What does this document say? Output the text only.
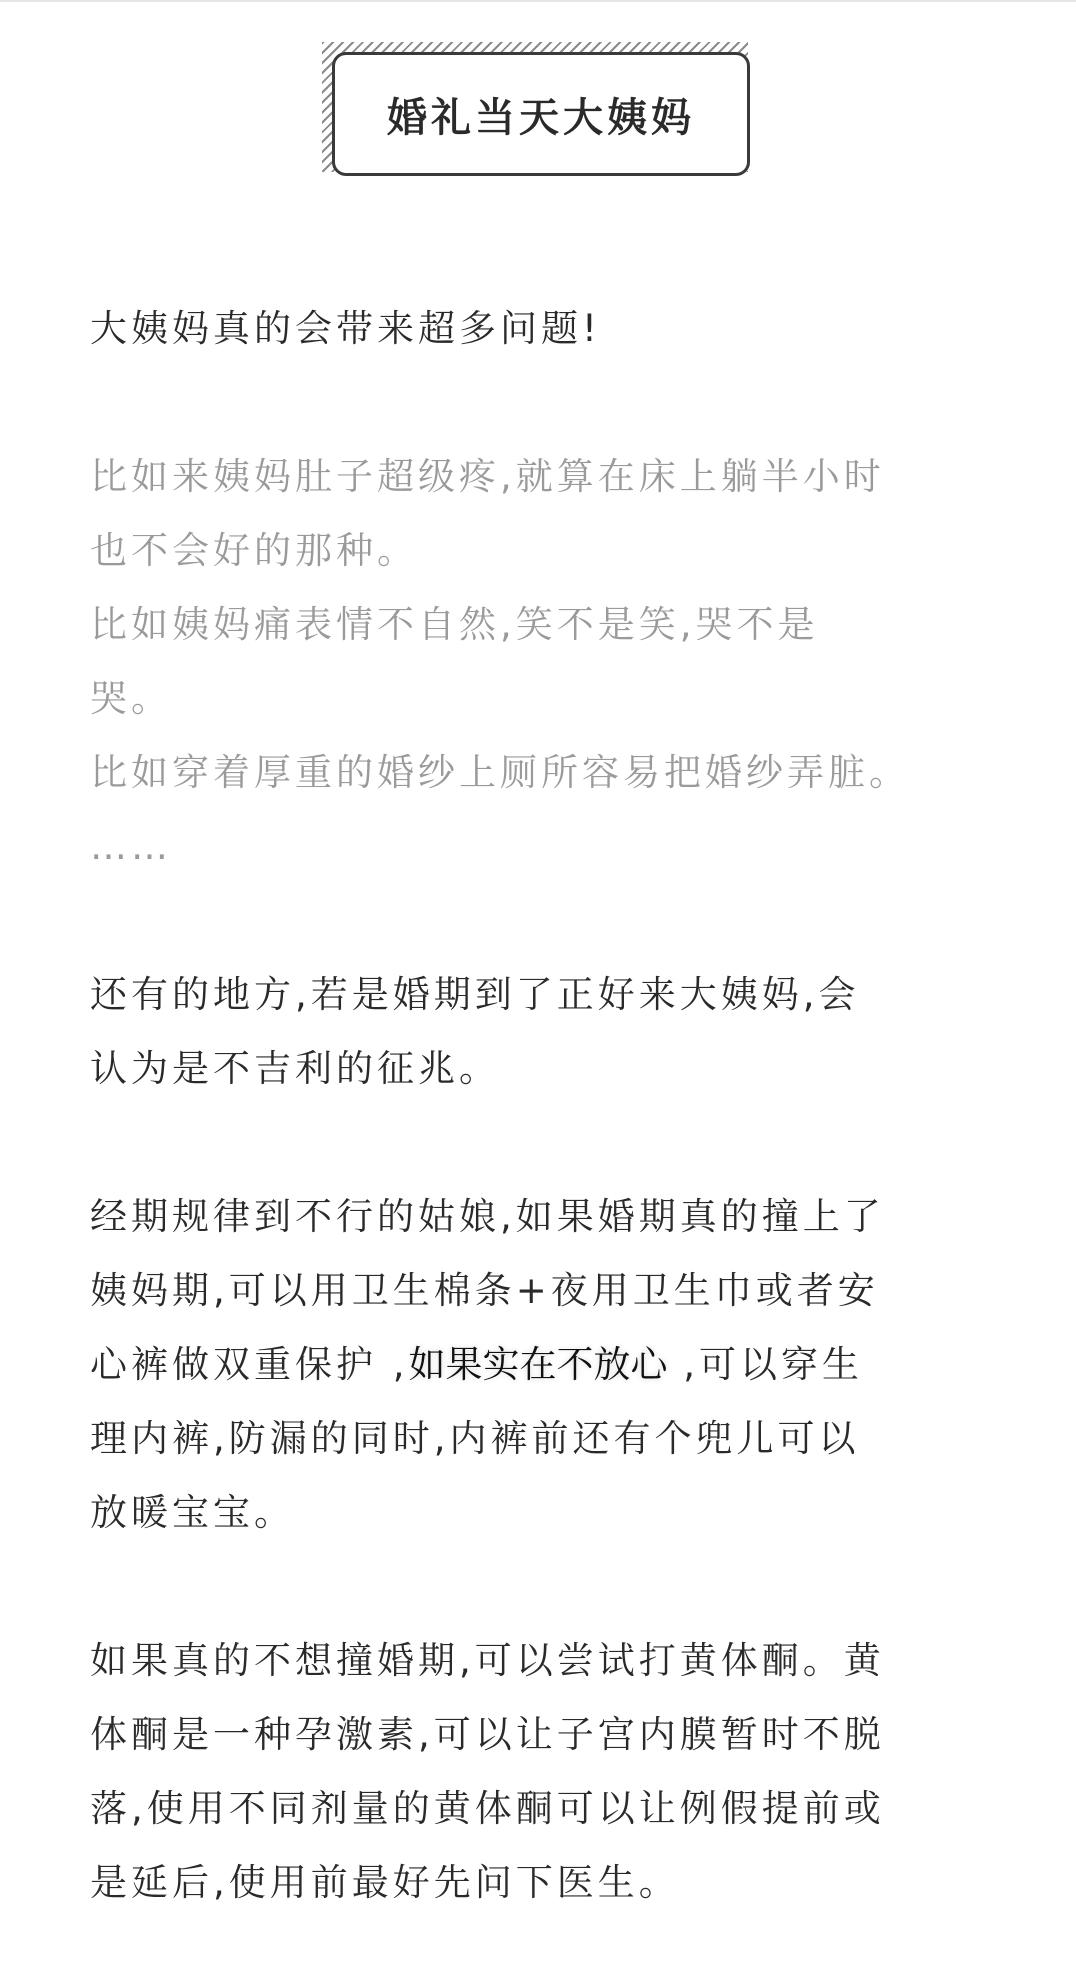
婚礼当天大姨妈

大姨妈真的会带来超多问题!

比如来姨妈肚子超级疼,就算在床上躺半小时

也不会好的那种。

比如姨妈痛表情不自然,笑不是笑,哭不是

哭。

比如穿着厚重的婚纱上厕所容易把婚纱弄脏。

……

还有的地方,若是婚期到了正好来大姨妈,会

认为是不吉利的征兆。

经期规律到不行的姑娘,如果婚期真的撞上了

姨妈期,可以用卫生棉条+夜用卫生巾或者安

心裤做双重保护 ,如果实在不放心 ,可以穿生

理内裤,防漏的同时,内裤前还有个兜儿可以

放暖宝宝。

如果真的不想撞婚期,可以尝试打黄体酮。黄

体酮是一种孕激素,可以让子宫内膜暂时不脱

落,使用不同剂量的黄体酮可以让例假提前或

是延后,使用前最好先问下医生。
